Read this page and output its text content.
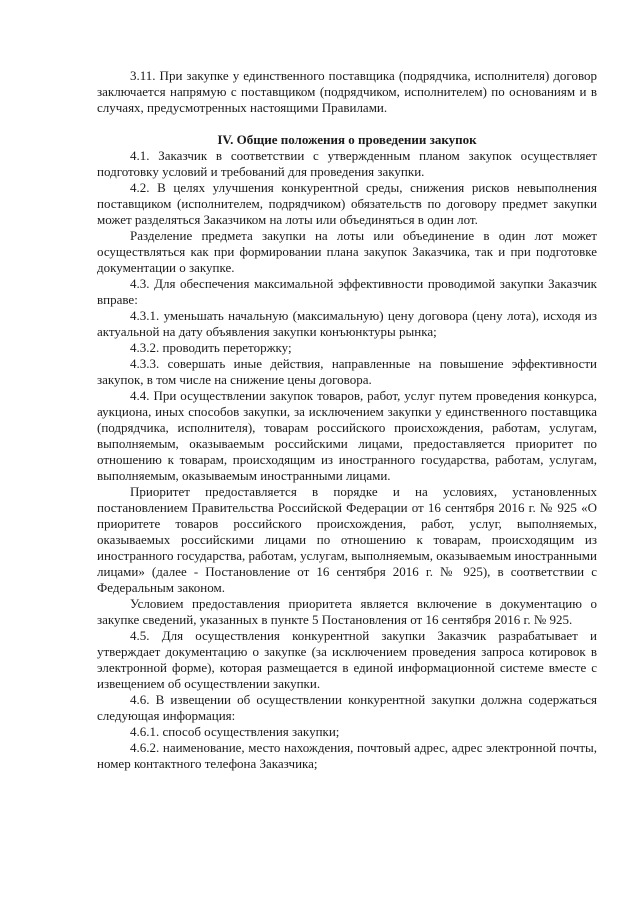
3.11. При закупке у единственного поставщика (подрядчика, исполнителя) договор заключается напрямую с поставщиком (подрядчиком, исполнителем) по основаниям и в случаях, предусмотренных настоящими Правилами.

IV. Общие положения о проведении закупок

4.1. Заказчик в соответствии с утвержденным планом закупок осуществляет подготовку условий и требований для проведения закупки.

4.2. В целях улучшения конкурентной среды, снижения рисков невыполнения поставщиком (исполнителем, подрядчиком) обязательств по договору предмет закупки может разделяться Заказчиком на лоты или объединяться в один лот.

Разделение предмета закупки на лоты или объединение в один лот может осуществляться как при формировании плана закупок Заказчика, так и при подготовке документации о закупке.

4.3. Для обеспечения максимальной эффективности проводимой закупки Заказчик вправе:

4.3.1. уменьшать начальную (максимальную) цену договора (цену лота), исходя из актуальной на дату объявления закупки конъюнктуры рынка;

4.3.2. проводить переторжку;

4.3.3. совершать иные действия, направленные на повышение эффективности закупок, в том числе на снижение цены договора.

4.4. При осуществлении закупок товаров, работ, услуг путем проведения конкурса, аукциона, иных способов закупки, за исключением закупки у единственного поставщика (подрядчика, исполнителя), товарам российского происхождения, работам, услугам, выполняемым, оказываемым российскими лицами, предоставляется приоритет по отношению к товарам, происходящим из иностранного государства, работам, услугам, выполняемым, оказываемым иностранными лицами.

Приоритет предоставляется в порядке и на условиях, установленных постановлением Правительства Российской Федерации от 16 сентября 2016 г. № 925 «О приоритете товаров российского происхождения, работ, услуг, выполняемых, оказываемых российскими лицами по отношению к товарам, происходящим из иностранного государства, работам, услугам, выполняемым, оказываемым иностранными лицами» (далее - Постановление от 16 сентября 2016 г. № 925), в соответствии с Федеральным законом.

Условием предоставления приоритета является включение в документацию о закупке сведений, указанных в пункте 5 Постановления от 16 сентября 2016 г. № 925.

4.5. Для осуществления конкурентной закупки Заказчик разрабатывает и утверждает документацию о закупке (за исключением проведения запроса котировок в электронной форме), которая размещается в единой информационной системе вместе с извещением об осуществлении закупки.

4.6. В извещении об осуществлении конкурентной закупки должна содержаться следующая информация:

4.6.1. способ осуществления закупки;

4.6.2. наименование, место нахождения, почтовый адрес, адрес электронной почты, номер контактного телефона Заказчика;
